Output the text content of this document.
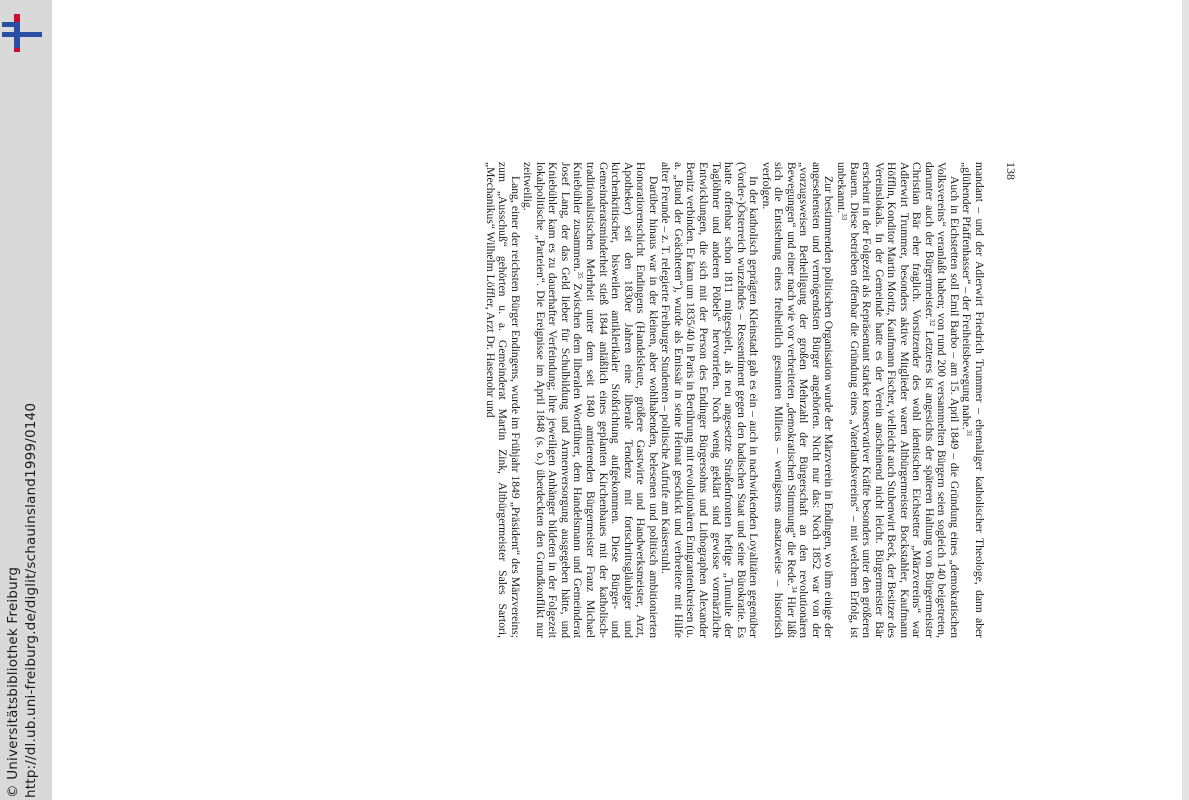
© Universitätsbibliothek Freiburg http://dl.ub.uni-freiburg.de/diglit/schauinsland1999/0140
138

mandant – und der Adlerwirt Friedrich Trummer – ehemaliger katholischer Theologe, dann aber „glühender Pfaffenhasser“ – der Freiheitsbewegung nahe.$^{31}$

Auch in Eichstetten soll Emil Barbo – am 15. April 1849 – die Gründung eines „demokratischen Volksvereins“ veranlaßt haben; von rund 200 versammelten Bürgern seien sogleich 140 beigetreten, darunter auch der Bürgermeister.$^{32}$ Letzteres ist angesichts der späteren Haltung von Bürgermeister Christian Bär eher fraglich. Vorsitzender des wohl identischen Eichstetter „Märzvereins“ war Adlerwirt Trummer, besonders aktive Mitglieder waren Altbürgermeister Bockstahler, Kaufmann Höfflin, Konditor Martin Moritz, Kaufmann Fischer, vielleicht auch Stubenwirt Beck, der Besitzer des Vereinslokals. In der Gemeinde hatte es der Verein anscheinend nicht leicht. Bürgermeister Bär erscheint in der Folgezeit als Repräsentant starker konservativer Kräfte besonders unter den größeren Bauern. Diese betrieben offenbar die Gründung eines „Vaterlandsvereins“ – mit welchem Erfolg, ist unbekannt.$^{33}$

Zur bestimmenden politischen Organisation wurde der Märzverein in Endingen, wo ihm einige der angesehensten und vermögendsten Bürger angehörten. Nicht nur das: Noch 1852 war von der „vorzugsweisen Betheiligung der großen Mehrzahl der Bürgerschaft an den revolutionären Bewegungen“ und einer nach wie vor verbreiteten „demokratischen Stimmung“ die Rede.$^{34}$ Hier läßt sich die Entstehung eines freiheitlich gesinnten Milieus – wenigstens ansatzweise – historisch verfolgen.

In der katholisch geprägten Kleinstadt gab es ein – auch in nachwirkenden Loyalitäten gegenüber (Vorder-)Österreich wurzelndes – Ressentiment gegen den badischen Staat und seine Bürokratie. Es hatte offenbar schon 1811 mitgespielt, als neu angesetzte Straßenfronten heftige „Tumulte der Taglöhner und anderen Pöbels“ hervorriefen. Noch wenig geklärt sind gewisse vormärzliche Entwicklungen, die sich mit der Person des Endinger Bürgersohns und Lithographen Alexander Benitz verbinden. Er kam um 1835/40 in Paris in Berührung mit revolutionären Emigrantenkreisen (u. a. „Bund der Geächteten“), wurde als Emissär in seine Heimat geschickt und verbreitete mit Hilfe alter Freunde – z. T. relegierte Freiburger Studenten – politische Aufrufe am Kaiserstuhl.

Darüber hinaus war in der kleinen, aber wohlhabenden, belesenen und politisch ambitionierten Honoratiorenschicht Endingens (Handelsleute, größere Gastwirte und Handwerksmeister, Arzt, Apotheker) seit den 1830er Jahren eine liberale Tendenz mit fortschrittsgläubiger und kirchenkritischer, bisweilen antiklerikaler Stoßrichtung aufgekommen. Diese Bürger- und Gemeinderatsminderheit stieß 1844 anläßlich eines geplanten Kirchenbaues mit der katholisch-traditionalistischen Mehrheit unter dem seit 1840 amtierenden Bürgermeister Franz Michael Kniebühler zusammen.$^{35}$ Zwischen dem liberalen Wortführer, dem Handelsmann und Gemeinderat Josef Lang, der das Geld lieber für Schulbildung und Armenversorgung ausgegeben hätte, und Kniebühler kam es zu dauerhafter Verfeindung; ihre jeweiligen Anhänger bildeten in der Folgezeit lokalpolitische „Parteien“. Die Ereignisse im April 1848 (s. o.) überdeckten den Grundkonflikt nur zeitweilig.

Lang, einer der reichsten Bürger Endingens, wurde im Frühjahr 1849 „Präsident“ des Märzvereins; zum „Ausschuß“ gehörten u. a. Gemeinderat Martin Zink, Altbürgermeister Sales Sartori, „Mechanikus“ Wilhelm Löffler, Arzt Dr. Hasenohr und
